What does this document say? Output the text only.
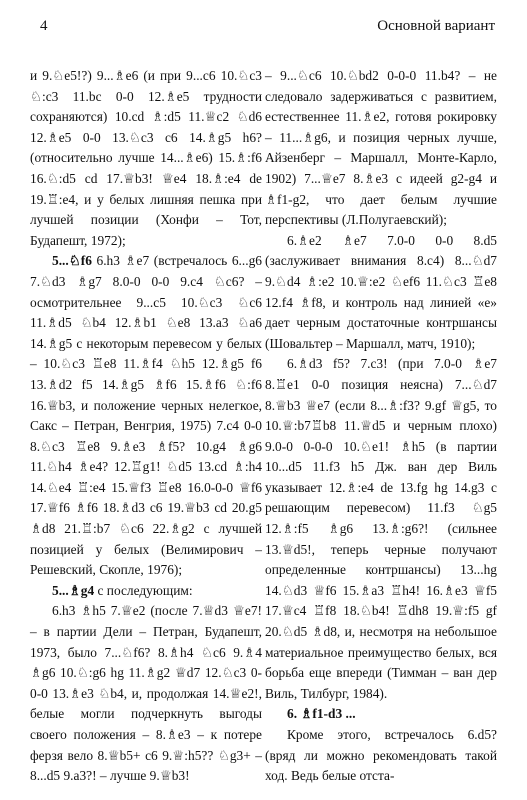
4	Основной вариант

и 9.♘e5!?) 9...♗e6 (и при 9...c6 10.♘c3 ♘:c3 11.bc 0-0 12.♗e5 трудности сохраняются) 10.cd ♗:d5 11.♕c2 ♘d6 12.♗e5 0-0 13.♘c3 c6 14.♗g5 h6? (относительно лучше 14...♗e6) 15.♗:f6 16.♘:d5 cd 17.♕b3! ♕e4 18.♗:e4 de 19.♖:e4, и у белых лишняя пешка при лучшей позиции (Хонфи – Тот, Будапешт, 1972);

5...♘f6 6.h3 ♗e7 (встречалось 6...g6 7.♘d3 ♗g7 8.0-0 0-0 9.c4 ♘c6? – осмотрительнее 9...c5 10.♘c3 ♘c6 11.♗d5 ♘b4 12.♗b1 ♘e8 13.a3 ♘a6 14.♗g5 с некоторым перевесом у белых – 10.♘c3 ♖e8 11.♗f4 ♘h5 12.♗g5 f6 13.♗d2 f5 14.♗g5 ♗f6 15.♗f6 ♘:f6 16.♕b3, и положение черных нелегкое, Сакс – Петран, Венгрия, 1975) 7.c4 0-0 8.♘c3 ♖e8 9.♗e3 ♗f5? 10.g4 ♗g6 11.♘h4 ♗e4? 12.♖g1! ♘d5 13.cd ♗:h4 14.♘e4 ♖:e4 15.♕f3 ♖e8 16.0-0-0 ♕f6 17.♕f6 ♗f6 18.♗d3 c6 19.♕b3 cd 20.g5 ♗d8 21.♖:b7 ♘c6 22.♗g2 с лучшей позицией у белых (Велимирович – Решевский, Скопле, 1976);

5...♗g4 с последующим:

6.h3 ♗h5 7.♕e2 (после 7.♕d3 ♕e7! – в партии Дели – Петран, Будапешт, 1973, было 7...♘f6? 8.♗h4 ♘c6 9.♗4 ♗g6 10.♘:g6 hg 11.♗g2 ♕d7 12.♘c3 0-0-0 13.♗e3 ♘b4, и, продолжая 14.♕e2!, белые могли подчеркнуть выгоды своего положения – 8.♗e3 – к потере ферзя вело 8.♕b5+ c6 9.♕:h5?? ♘g3+ – 8...d5 9.a3?! – лучше 9.♕b3!

– 9...♘c6 10.♘bd2 0-0-0 11.b4? – не следовало задерживаться с развитием, естественнее 11.♗e2, готовя рокировку – 11...♗g6, и позиция черных лучше, Айзенберг – Маршалл, Монте-Карло, 1902) 7...♕e7 8.♗e3 c идеей g2-g4 и ♗f1-g2, что дает белым лучшие перспективы (Л.Полугаевский);

6.♗e2 ♗e7 7.0-0 0-0 8.d5 (заслуживает внимания 8.c4) 8...♘d7 9.♘d4 ♗:e2 10.♕:e2 ♘ef6 11.♘c3 ♖e8 12.f4 ♗f8, и контроль над линией «e» дает черным достаточные контршансы (Шовальтер – Маршалл, матч, 1910);

6.♗d3 f5? 7.c3! (при 7.0-0 ♗e7 8.♖e1 0-0 позиция неясна) 7...♘d7 8.♕b3 ♕e7 (если 8...♗:f3? 9.gf ♕g5, то 10.♕:b7♖b8 11.♕d5 и черным плохо) 9.0-0 0-0-0 10.♘e1! ♗h5 (в партии 10...d5 11.f3 h5 Дж. ван дер Виль указывает 12.♗:e4 de 13.fg hg 14.g3 с решающим перевесом) 11.f3 ♘g5 12.♗:f5 ♗g6 13.♗:g6?! (сильнее 13.♕d5!, теперь черные получают определенные контршансы) 13...hg 14.♘d3 ♕f6 15.♗a3 ♖h4! 16.♗e3 ♕f5 17.♕c4 ♖f8 18.♘b4! ♖dh8 19.♕:f5 gf 20.♘d5 ♗d8, и, несмотря на небольшое материальное преимущество белых, вся борьба еще впереди (Тимман – ван дер Виль, Тилбург, 1984).

6. ♗f1-d3 ...

Кроме этого, встречалось 6.d5? (вряд ли можно рекомендовать такой ход. Ведь белые отста-
